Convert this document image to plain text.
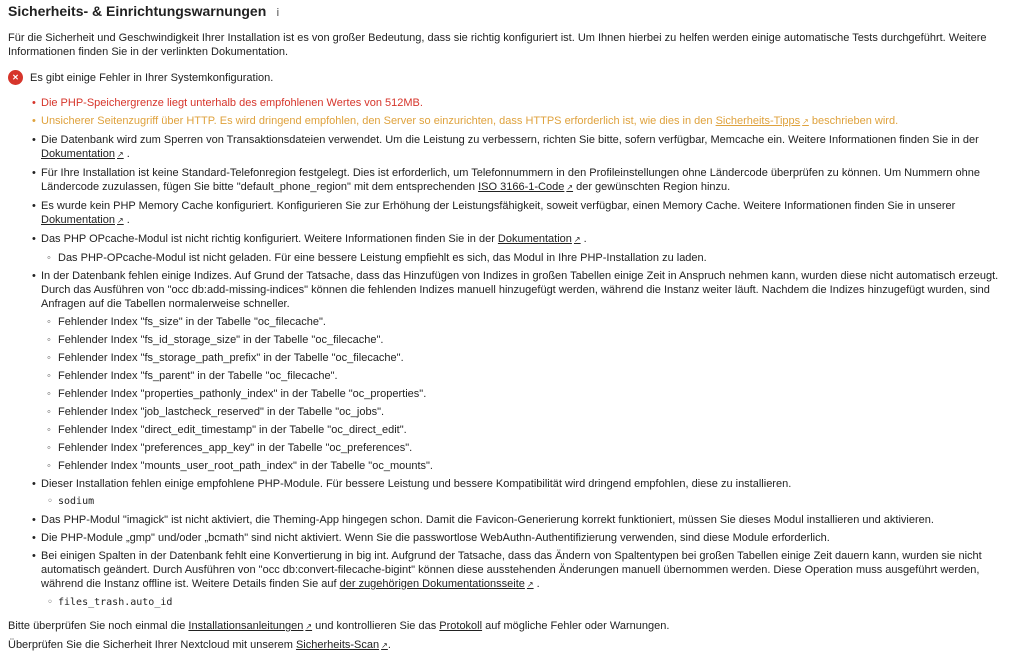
Sicherheits- & Einrichtungswarnungen i

Für die Sicherheit und Geschwindigkeit Ihrer Installation ist es von großer Bedeutung, dass sie richtig konfiguriert ist. Um Ihnen hierbei zu helfen werden einige automatische Tests durchgeführt. Weitere Informationen finden Sie in der verlinkten Dokumentation.

✕	Es gibt einige Fehler in Ihrer Systemkonfiguration.
• Die PHP-Speichergrenze liegt unterhalb des empfohlenen Wertes von 512MB.
• Unsicherer Seitenzugriff über HTTP. Es wird dringend empfohlen, den Server so einzurichten, dass HTTPS erforderlich ist, wie dies in den Sicherheits-Tipps ↗ beschrieben wird.
• Die Datenbank wird zum Sperren von Transaktionsdateien verwendet. Um die Leistung zu verbessern, richten Sie bitte, sofern verfügbar, Memcache ein. Weitere Informationen finden Sie in der Dokumentation ↗ .
• Für Ihre Installation ist keine Standard-Telefonregion festgelegt. Dies ist erforderlich, um Telefonnummern in den Profileinstellungen ohne Ländercode überprüfen zu können. Um Nummern ohne Ländercode zuzulassen, fügen Sie bitte "default_phone_region" mit dem entsprechenden ISO 3166-1-Code ↗ der gewünschten Region hinzu.
• Es wurde kein PHP Memory Cache konfiguriert. Konfigurieren Sie zur Erhöhung der Leistungsfähigkeit, soweit verfügbar, einen Memory Cache. Weitere Informationen finden Sie in unserer Dokumentation ↗ .
• Das PHP OPcache-Modul ist nicht richtig konfiguriert. Weitere Informationen finden Sie in der Dokumentation ↗ .
◦ Das PHP-OPcache-Modul ist nicht geladen. Für eine bessere Leistung empfiehlt es sich, das Modul in Ihre PHP-Installation zu laden.
• In der Datenbank fehlen einige Indizes. Auf Grund der Tatsache, dass das Hinzufügen von Indizes in großen Tabellen einige Zeit in Anspruch nehmen kann, wurden diese nicht automatisch erzeugt. Durch das Ausführen von "occ db:add-missing-indices" können die fehlenden Indizes manuell hinzugefügt werden, während die Instanz weiter läuft. Nachdem die Indizes hinzugefügt wurden, sind Anfragen auf die Tabellen normalerweise schneller.
◦ Fehlender Index "fs_size" in der Tabelle "oc_filecache".
◦ Fehlender Index "fs_id_storage_size" in der Tabelle "oc_filecache".
◦ Fehlender Index "fs_storage_path_prefix" in der Tabelle "oc_filecache".
◦ Fehlender Index "fs_parent" in der Tabelle "oc_filecache".
◦ Fehlender Index "properties_pathonly_index" in der Tabelle "oc_properties".
◦ Fehlender Index "job_lastcheck_reserved" in der Tabelle "oc_jobs".
◦ Fehlender Index "direct_edit_timestamp" in der Tabelle "oc_direct_edit".
◦ Fehlender Index "preferences_app_key" in der Tabelle "oc_preferences".
◦ Fehlender Index "mounts_user_root_path_index" in der Tabelle "oc_mounts".
• Dieser Installation fehlen einige empfohlene PHP-Module. Für bessere Leistung und bessere Kompatibilität wird dringend empfohlen, diese zu installieren.
◦ sodium
• Das PHP-Modul "imagick" ist nicht aktiviert, die Theming-App hingegen schon. Damit die Favicon-Generierung korrekt funktioniert, müssen Sie dieses Modul installieren und aktivieren.
• Die PHP-Module „gmp" und/oder „bcmath" sind nicht aktiviert. Wenn Sie die passwortlose WebAuthn-Authentifizierung verwenden, sind diese Module erforderlich.
• Bei einigen Spalten in der Datenbank fehlt eine Konvertierung in big int. Aufgrund der Tatsache, dass das Ändern von Spaltentypen bei großen Tabellen einige Zeit dauern kann, wurden sie nicht automatisch geändert. Durch Ausführen von "occ db:convert-filecache-bigint" können diese ausstehenden Änderungen manuell übernommen werden. Diese Operation muss ausgeführt werden, während die Instanz offline ist. Weitere Details finden Sie auf der zugehörigen Dokumentationsseite ↗ .
◦ files_trash.auto_id

Bitte überprüfen Sie noch einmal die Installationsanleitungen ↗ und kontrollieren Sie das Protokoll auf mögliche Fehler oder Warnungen.

Überprüfen Sie die Sicherheit Ihrer Nextcloud mit unserem Sicherheits-Scan ↗.
